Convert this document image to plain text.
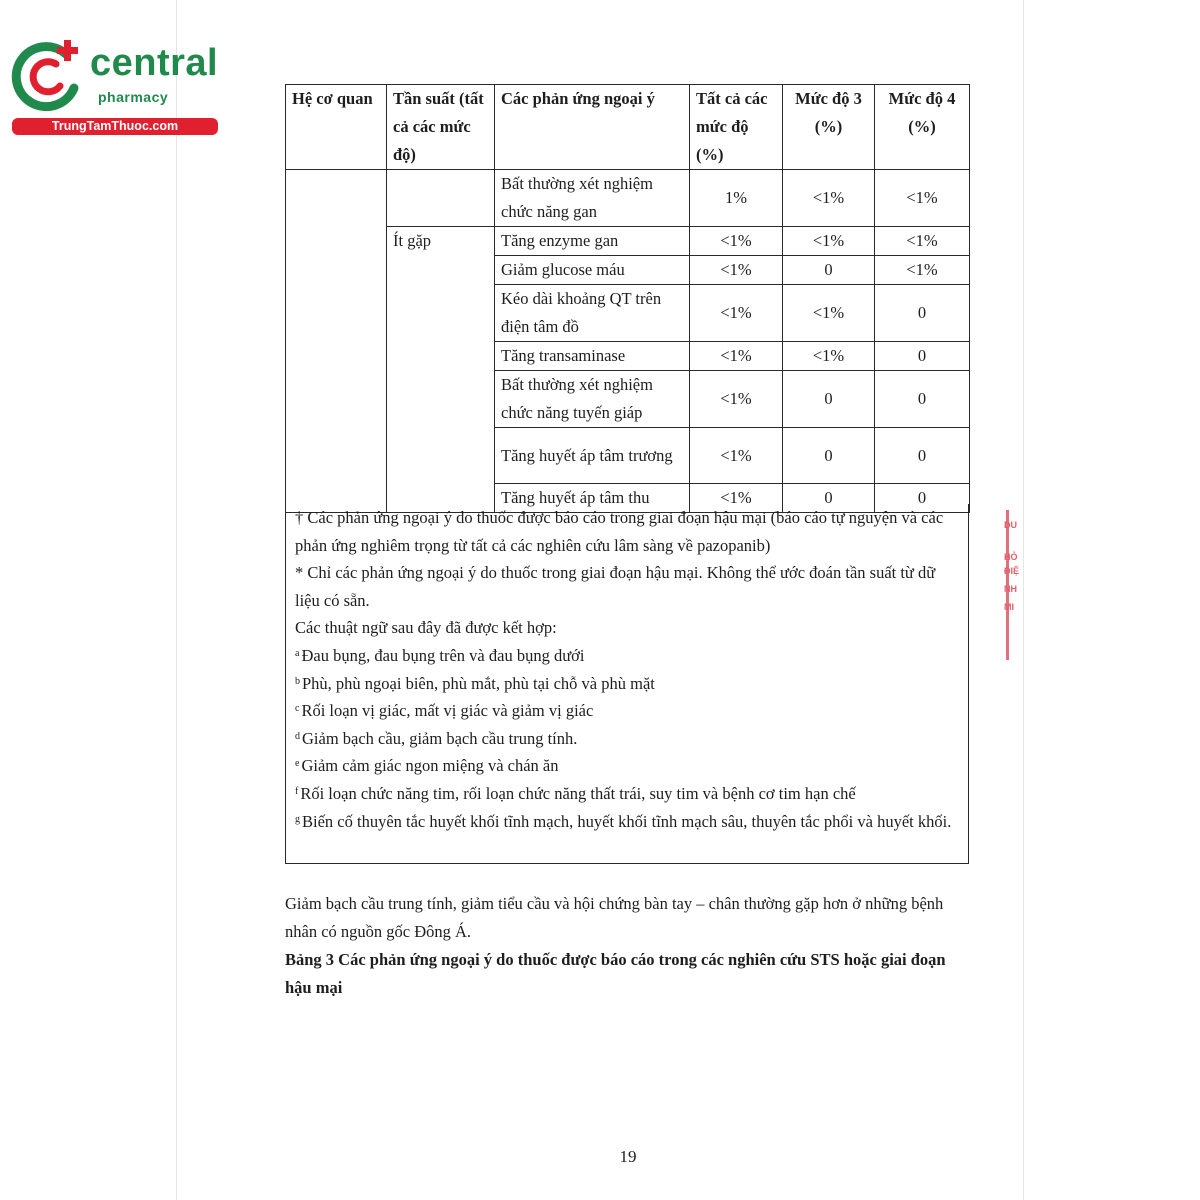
central
pharmacy
TrungTamThuoc.com
Hệ cơ quan	Tần suất (tất cả các mức độ)	Các phản ứng ngoại ý	Tất cả các mức độ (%)	Mức độ 3 (%)	Mức độ 4 (%)
		Bất thường xét nghiệm chức năng gan	1%	<1%	<1%
	Ít gặp	Tăng enzyme gan	<1%	<1%	<1%
		Giảm glucose máu	<1%	0	<1%
		Kéo dài khoảng QT trên điện tâm đồ	<1%	<1%	0
		Tăng transaminase	<1%	<1%	0
		Bất thường xét nghiệm chức năng tuyến giáp	<1%	0	0
		Tăng huyết áp tâm trương	<1%	0	0
		Tăng huyết áp tâm thu	<1%	0	0

† Các phản ứng ngoại ý do thuốc được báo cáo trong giai đoạn hậu mại (báo cáo tự nguyện và các phản ứng nghiêm trọng từ tất cả các nghiên cứu lâm sàng về pazopanib)

* Chỉ các phản ứng ngoại ý do thuốc trong giai đoạn hậu mại. Không thể ước đoán tần suất từ dữ liệu có sẵn.

Các thuật ngữ sau đây đã được kết hợp:

$^a$ Đau bụng, đau bụng trên và đau bụng dưới

$^b$ Phù, phù ngoại biên, phù mắt, phù tại chỗ và phù mặt

$^c$ Rối loạn vị giác, mất vị giác và giảm vị giác

$^d$ Giảm bạch cầu, giảm bạch cầu trung tính.

$^e$ Giảm cảm giác ngon miệng và chán ăn

$^f$ Rối loạn chức năng tim, rối loạn chức năng thất trái, suy tim và bệnh cơ tim hạn chế

$^g$ Biến cố thuyên tắc huyết khối tĩnh mạch, huyết khối tĩnh mạch sâu, thuyên tắc phổi và huyết khối.

Giảm bạch cầu trung tính, giảm tiểu cầu và hội chứng bàn tay – chân thường gặp hơn ở những bệnh nhân có nguồn gốc Đông Á.

Bảng 3 Các phản ứng ngoại ý do thuốc được báo cáo trong các nghiên cứu STS hoặc giai đoạn hậu mại

19
DU
HỎ
ĐIỆ
NH
MI
